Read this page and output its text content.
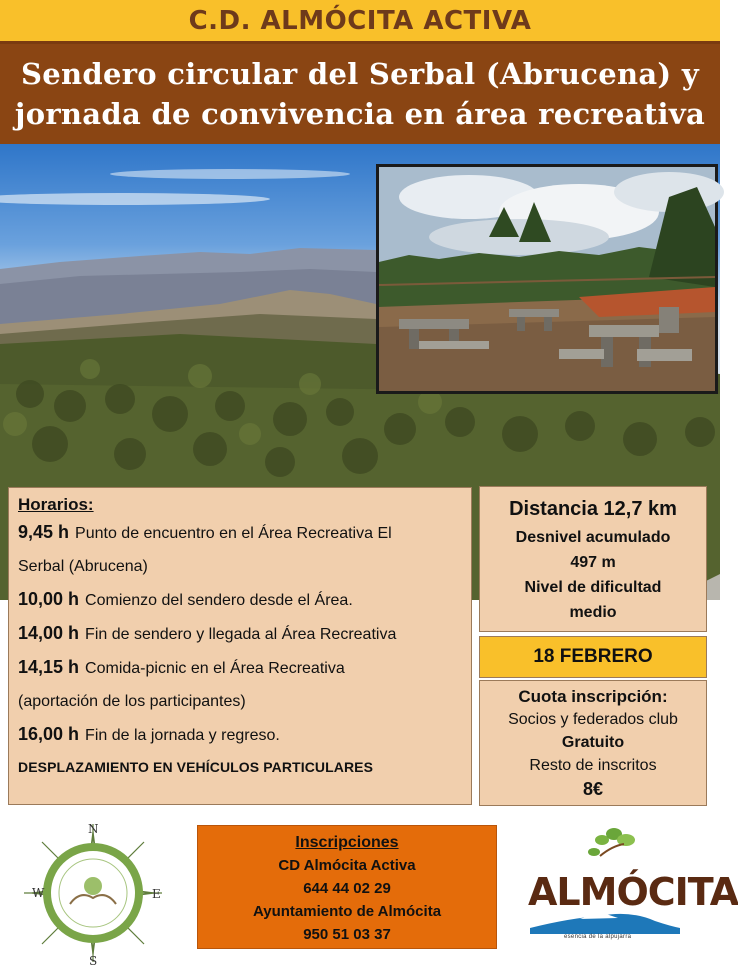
C.D. ALMÓCITA ACTIVA
Sendero circular del Serbal (Abrucena) y
jornada de convivencia en área recreativa
Horarios:
9,45 h Punto de encuentro en el Área Recreativa El
Serbal (Abrucena)
10,00 h Comienzo del sendero desde el Área.
14,00 h Fin de sendero y llegada al Área Recreativa
14,15 h Comida-picnic en el Área Recreativa
(aportación de los participantes)
16,00 h Fin de la jornada y regreso.
DESPLAZAMIENTO EN VEHÍCULOS PARTICULARES
Distancia 12,7 km
Desnivel acumulado
497 m
Nivel de dificultad
medio
18 FEBRERO
Cuota inscripción:
Socios y federados club
Gratuito
Resto de inscritos
8€
W	E
N
S
Inscripciones
CD Almócita Activa
644 44 02 29
Ayuntamiento de Almócita
950 51 03 37
ALMÓCITA
esencia de la alpujarra
